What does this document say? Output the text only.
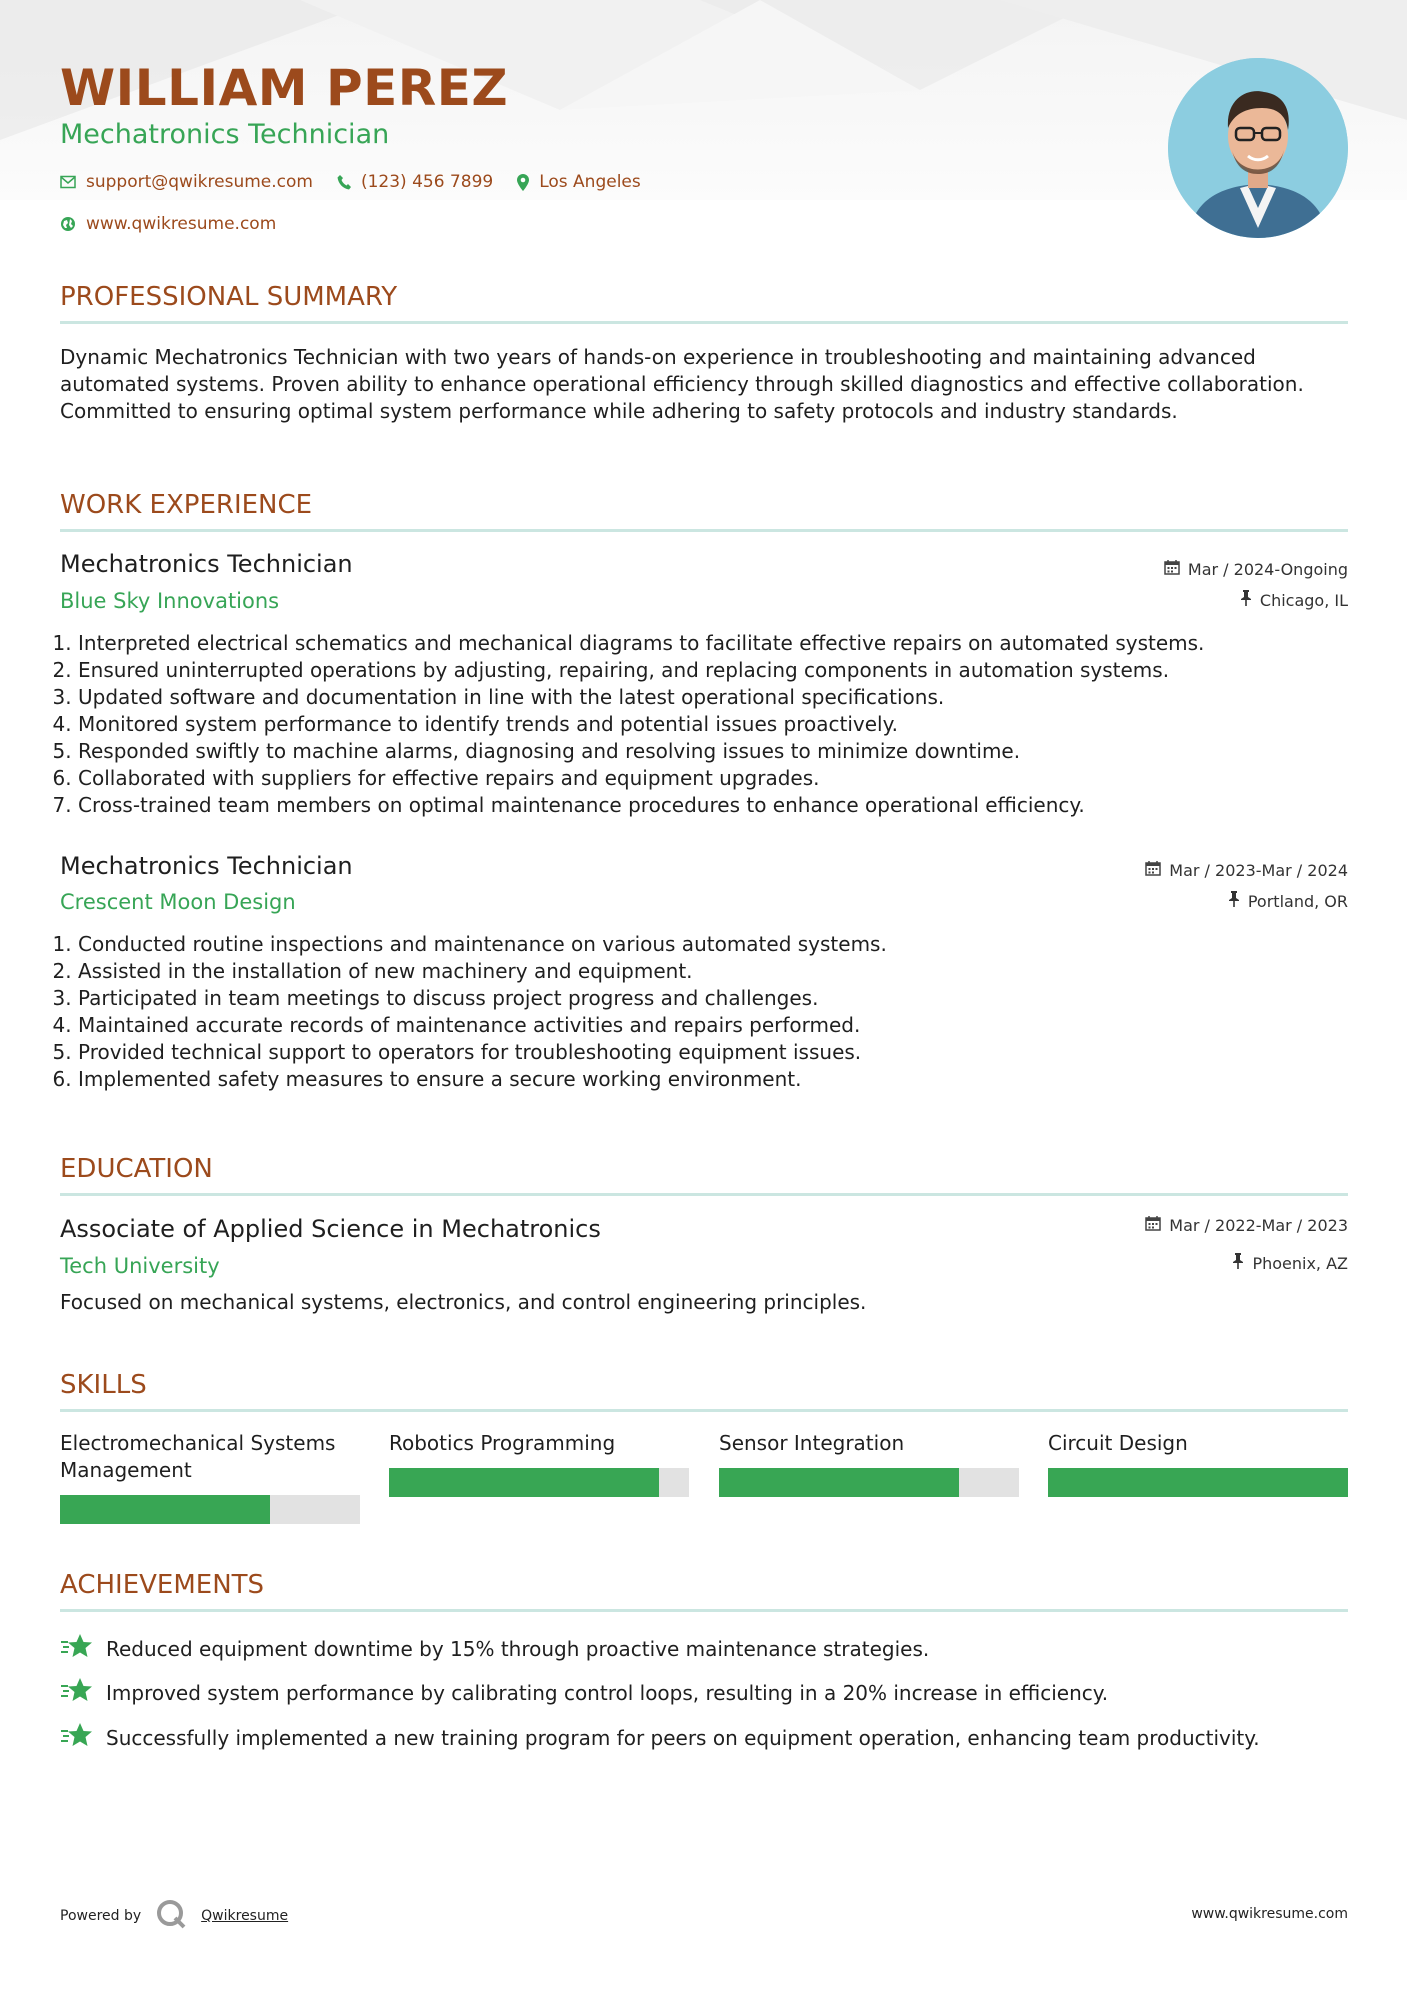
WILLIAM PEREZ
Mechatronics Technician
support@qwikresume.com	(123) 456 7899	Los Angeles
www.qwikresume.com
PROFESSIONAL SUMMARY
Dynamic Mechatronics Technician with two years of hands-on experience in troubleshooting and maintaining advanced automated systems. Proven ability to enhance operational efficiency through skilled diagnostics and effective collaboration. Committed to ensuring optimal system performance while adhering to safety protocols and industry standards.
WORK EXPERIENCE
Mechatronics Technician	Mar / 2024-Ongoing
Blue Sky Innovations	Chicago, IL
1. Interpreted electrical schematics and mechanical diagrams to facilitate effective repairs on automated systems.
2. Ensured uninterrupted operations by adjusting, repairing, and replacing components in automation systems.
3. Updated software and documentation in line with the latest operational specifications.
4. Monitored system performance to identify trends and potential issues proactively.
5. Responded swiftly to machine alarms, diagnosing and resolving issues to minimize downtime.
6. Collaborated with suppliers for effective repairs and equipment upgrades.
7. Cross-trained team members on optimal maintenance procedures to enhance operational efficiency.
Mechatronics Technician	Mar / 2023-Mar / 2024
Crescent Moon Design	Portland, OR
1. Conducted routine inspections and maintenance on various automated systems.
2. Assisted in the installation of new machinery and equipment.
3. Participated in team meetings to discuss project progress and challenges.
4. Maintained accurate records of maintenance activities and repairs performed.
5. Provided technical support to operators for troubleshooting equipment issues.
6. Implemented safety measures to ensure a secure working environment.
EDUCATION
Associate of Applied Science in Mechatronics	Mar / 2022-Mar / 2023
Tech University	Phoenix, AZ
Focused on mechanical systems, electronics, and control engineering principles.
SKILLS
Electromechanical Systems Management
Robotics Programming	Sensor Integration	Circuit Design
ACHIEVEMENTS
Reduced equipment downtime by 15% through proactive maintenance strategies.
Improved system performance by calibrating control loops, resulting in a 20% increase in efficiency.
Successfully implemented a new training program for peers on equipment operation, enhancing team productivity.
Powered by	Qwikresume	www.qwikresume.com
